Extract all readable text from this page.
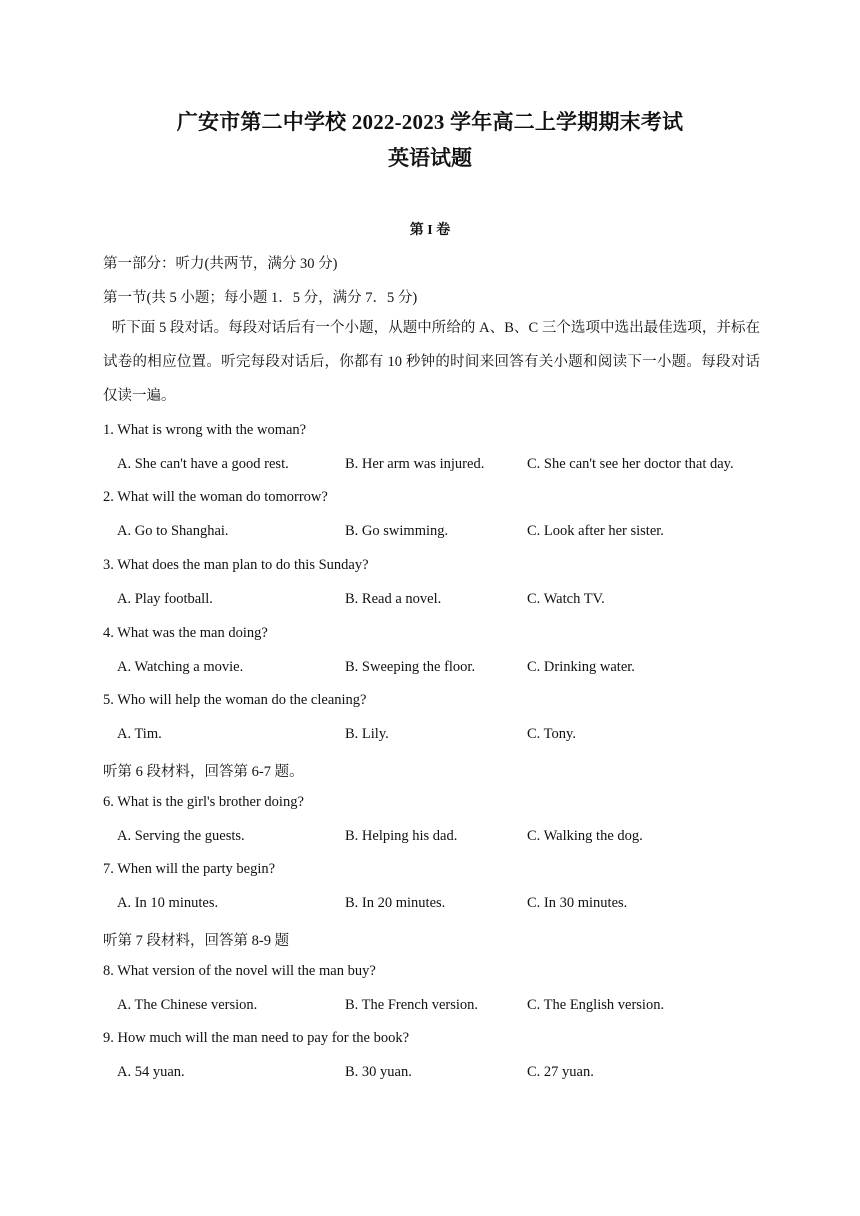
广安市第二中学校 2022-2023 学年高二上学期期末考试
英语试题
第 I 卷
第一部分：听力(共两节，满分 30 分)
第一节(共 5 小题；每小题 1．5 分，满分 7．5 分)
听下面 5 段对话。每段对话后有一个小题，从题中所给的 A、B、C 三个选项中选出最佳选项，并标在试卷的相应位置。听完每段对话后，你都有 10 秒钟的时间来回答有关小题和阅读下一小题。每段对话仅读一遍。
1. What is wrong with the woman?
A. She can't have a good rest.	B. Her arm was injured.	C. She can't see her doctor that day.
2. What will the woman do tomorrow?
A. Go to Shanghai.	B. Go swimming.	C. Look after her sister.
3. What does the man plan to do this Sunday?
A. Play football.	B. Read a novel.	C. Watch TV.
4. What was the man doing?
A. Watching a movie.	B. Sweeping the floor.	C. Drinking water.
5. Who will help the woman do the cleaning?
A. Tim.	B. Lily.	C. Tony.
听第 6 段材料，回答第 6-7 题。
6. What is the girl's brother doing?
A. Serving the guests.	B. Helping his dad.	C. Walking the dog.
7. When will the party begin?
A. In 10 minutes.	B. In 20 minutes.	C. In 30 minutes.
听第 7 段材料，回答第 8-9 题
8. What version of the novel will the man buy?
A. The Chinese version.	B. The French version.	C. The English version.
9. How much will the man need to pay for the book?
A. 54 yuan.	B. 30 yuan.	C. 27 yuan.
